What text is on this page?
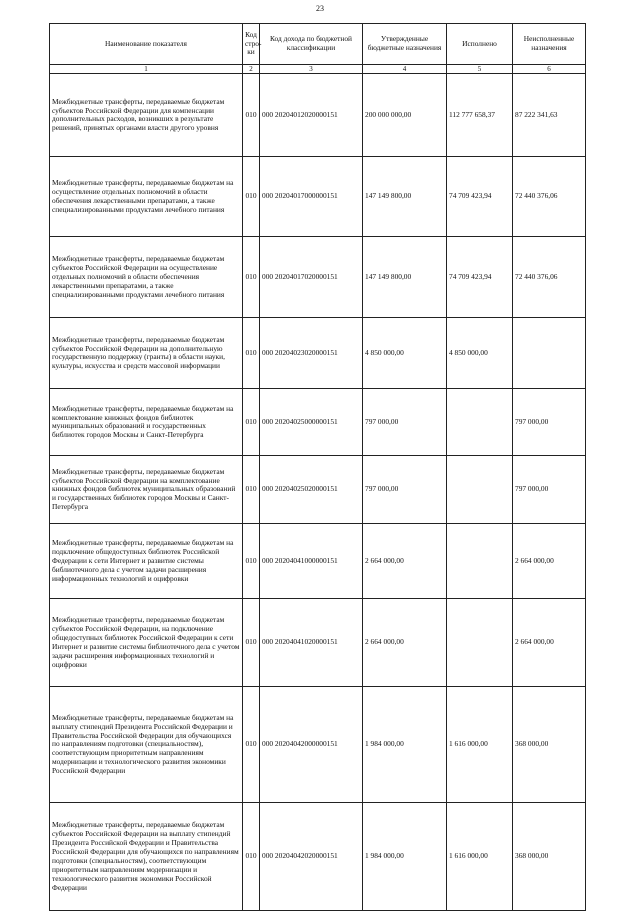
23
Наименование показателя	Код стро-ки	Код дохода по бюджетной классификации	Утвержденные бюджетные назначения	Исполнено	Неисполненные назначения
1	2	3	4	5	6
Межбюджетные трансферты, передаваемые бюджетам субъектов Российской Федерации для компенсации дополнительных расходов, возникших в результате решений, принятых органами власти другого уровня	010	000 20204012020000151	200 000 000,00	112 777 658,37	87 222 341,63
Межбюджетные трансферты, передаваемые бюджетам на осуществление отдельных полномочий в области обеспечения лекарственными препаратами, а также специализированными продуктами лечебного питания	010	000 20204017000000151	147 149 800,00	74 709 423,94	72 440 376,06
Межбюджетные трансферты, передаваемые бюджетам субъектов Российской Федерации на осуществление отдельных полномочий в области обеспечения лекарственными препаратами, а также специализированными продуктами лечебного питания	010	000 20204017020000151	147 149 800,00	74 709 423,94	72 440 376,06
Межбюджетные трансферты, передаваемые бюджетам субъектов Российской Федерации на дополнительную государственную поддержку (гранты) в области науки, культуры, искусства и средств массовой информации	010	000 20204023020000151	4 850 000,00	4 850 000,00	
Межбюджетные трансферты, передаваемые бюджетам на комплектование книжных фондов библиотек муниципальных образований и государственных библиотек городов Москвы и Санкт-Петербурга	010	000 20204025000000151	797 000,00		797 000,00
Межбюджетные трансферты, передаваемые бюджетам субъектов Российской Федерации на комплектование книжных фондов библиотек муниципальных образований и государственных библиотек городов Москвы и Санкт-Петербурга	010	000 20204025020000151	797 000,00		797 000,00
Межбюджетные трансферты, передаваемые бюджетам на подключение общедоступных библиотек Российской Федерации к сети Интернет и развитие системы библиотечного дела с учетом задачи расширения информационных технологий и оцифровки	010	000 20204041000000151	2 664 000,00		2 664 000,00
Межбюджетные трансферты, передаваемые бюджетам субъектов Российской Федерации, на подключение общедоступных библиотек Российской Федерации к сети Интернет и развитие системы библиотечного дела с учетом задачи расширения информационных технологий и оцифровки	010	000 20204041020000151	2 664 000,00		2 664 000,00
Межбюджетные трансферты, передаваемые бюджетам на выплату стипендий Президента Российской Федерации и Правительства Российской Федерации для обучающихся по направлениям подготовки (специальностям), соответствующим приоритетным направлениям модернизации и технологического развития экономики Российской Федерации	010	000 20204042000000151	1 984 000,00	1 616 000,00	368 000,00
Межбюджетные трансферты, передаваемые бюджетам субъектов Российской Федерации на выплату стипендий Президента Российской Федерации и Правительства Российской Федерации для обучающихся по направлениям подготовки (специальностям), соответствующим приоритетным направлениям модернизации и технологического развития экономики Российской Федерации	010	000 20204042020000151	1 984 000,00	1 616 000,00	368 000,00
